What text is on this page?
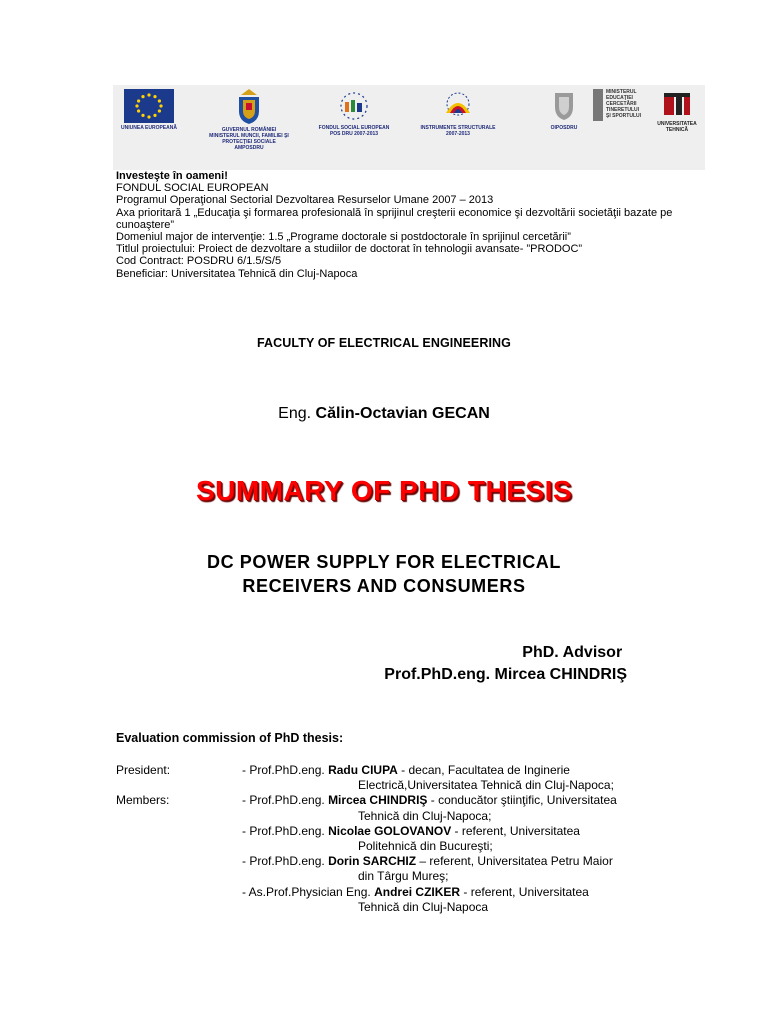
UNIUNEA EUROPEANĂ	GUVERNUL ROMÂNIEI
MINISTERUL MUNCII, FAMILIEI ŞI
PROTECŢIEI SOCIALE
AMPOSDRU
FONDUL SOCIAL EUROPEAN
POS DRU 2007-2013
INSTRUMENTE STRUCTURALE
2007-2013
OIPOSDRU
MINISTERUL
EDUCAŢIEI
CERCETĂRII
TINERETULUI
ŞI SPORTULUI
UNIVERSITATEA
TEHNICĂ
Investeşte în oameni!
FONDUL SOCIAL EUROPEAN
Programul Operaţional Sectorial Dezvoltarea Resurselor Umane 2007 – 2013
Axa prioritară 1 „Educaţia şi formarea profesională în sprijinul creşterii economice şi dezvoltării societăţii bazate pe cunoaştere”
Domeniul major de intervenţie: 1.5 „Programe doctorale si postdoctorale în sprijinul cercetării”
Titlul proiectului: Proiect de dezvoltare a studiilor de doctorat în tehnologii avansate- ”PRODOC”
Cod Contract: POSDRU 6/1.5/S/5
Beneficiar: Universitatea Tehnică din Cluj-Napoca
FACULTY OF ELECTRICAL ENGINEERING
Eng. Călin-Octavian GECAN
SUMMARY OF PHD THESIS
DC POWER SUPPLY FOR ELECTRICAL
RECEIVERS AND CONSUMERS
PhD. Advisor
Prof.PhD.eng. Mircea CHINDRIŞ
Evaluation commission of PhD thesis:
President:	- Prof.PhD.eng. Radu CIUPA - decan, Facultatea de Inginerie
Electrică,Universitatea Tehnică din Cluj-Napoca;
Members:	- Prof.PhD.eng. Mircea CHINDRIŞ - conducător ştiinţific, Universitatea
Tehnică din Cluj-Napoca;
- Prof.PhD.eng. Nicolae GOLOVANOV - referent, Universitatea
Politehnică din Bucureşti;
- Prof.PhD.eng. Dorin SARCHIZ – referent, Universitatea Petru Maior
din Târgu Mureş;
- As.Prof.Physician Eng. Andrei CZIKER - referent, Universitatea
Tehnică din Cluj-Napoca
